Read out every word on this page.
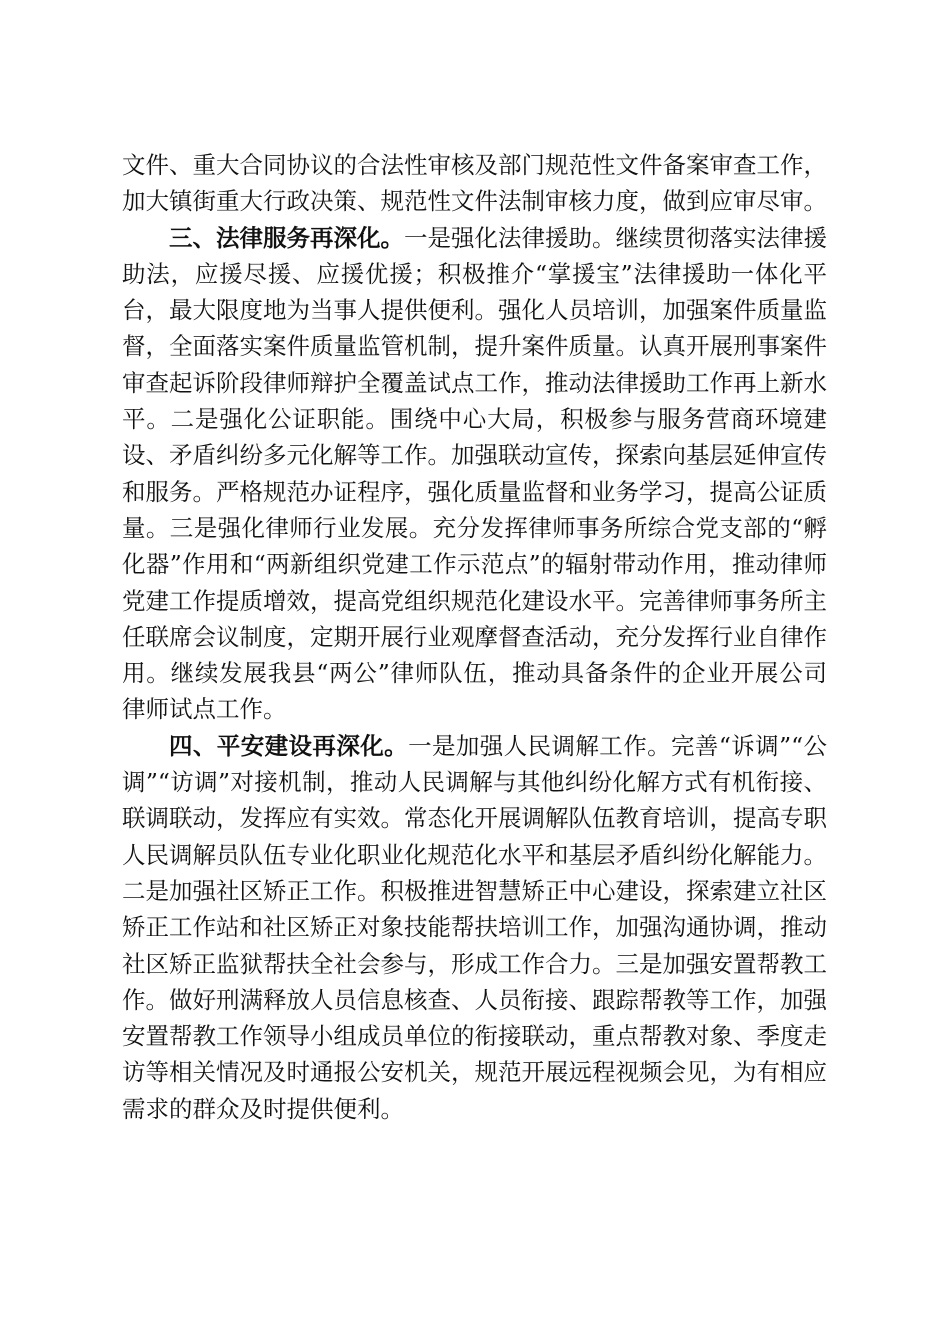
文件、重大合同协议的合法性审核及部门规范性文件备案审查工作，加大镇街重大行政决策、规范性文件法制审核力度，做到应审尽审。

三、法律服务再深化。一是强化法律援助。继续贯彻落实法律援助法，应援尽援、应援优援；积极推介“掌援宝”法律援助一体化平台，最大限度地为当事人提供便利。强化人员培训，加强案件质量监督，全面落实案件质量监管机制，提升案件质量。认真开展刑事案件审查起诉阶段律师辩护全覆盖试点工作，推动法律援助工作再上新水平。二是强化公证职能。围绕中心大局，积极参与服务营商环境建设、矛盾纠纷多元化解等工作。加强联动宣传，探索向基层延伸宣传和服务。严格规范办证程序，强化质量监督和业务学习，提高公证质量。三是强化律师行业发展。充分发挥律师事务所综合党支部的“孵化器”作用和“两新组织党建工作示范点”的辐射带动作用，推动律师党建工作提质增效，提高党组织规范化建设水平。完善律师事务所主任联席会议制度，定期开展行业观摩督查活动，充分发挥行业自律作用。继续发展我县“两公”律师队伍，推动具备条件的企业开展公司律师试点工作。

四、平安建设再深化。一是加强人民调解工作。完善“诉调”“公调”“访调”对接机制，推动人民调解与其他纠纷化解方式有机衔接、联调联动，发挥应有实效。常态化开展调解队伍教育培训，提高专职人民调解员队伍专业化职业化规范化水平和基层矛盾纠纷化解能力。二是加强社区矫正工作。积极推进智慧矫正中心建设，探索建立社区矫正工作站和社区矫正对象技能帮扶培训工作，加强沟通协调，推动社区矫正监狱帮扶全社会参与，形成工作合力。三是加强安置帮教工作。做好刑满释放人员信息核查、人员衔接、跟踪帮教等工作，加强安置帮教工作领导小组成员单位的衔接联动，重点帮教对象、季度走访等相关情况及时通报公安机关，规范开展远程视频会见，为有相应需求的群众及时提供便利。
